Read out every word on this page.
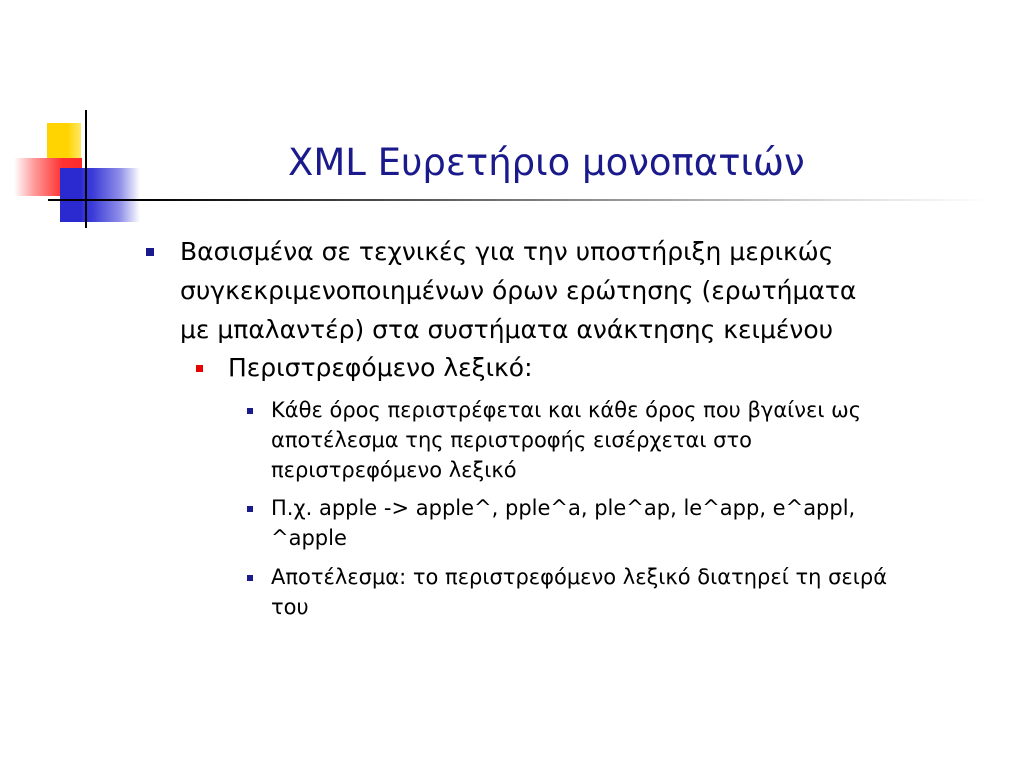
XML Ευρετήριο μονοπατιών
Βασισμένα σε τεχνικές για την υποστήριξη μερικώς
συγκεκριμενοποιημένων όρων ερώτησης (ερωτήματα
με μπαλαντέρ) στα συστήματα ανάκτησης κειμένου
Περιστρεφόμενο λεξικό:
Κάθε όρος περιστρέφεται και κάθε όρος που βγαίνει ως
αποτέλεσμα της περιστροφής εισέρχεται στο
περιστρεφόμενο λεξικό
Π.χ. apple -> apple^, pple^a, ple^ap, le^app, e^appl,
^apple
Αποτέλεσμα: το περιστρεφόμενο λεξικό διατηρεί τη σειρά
του
